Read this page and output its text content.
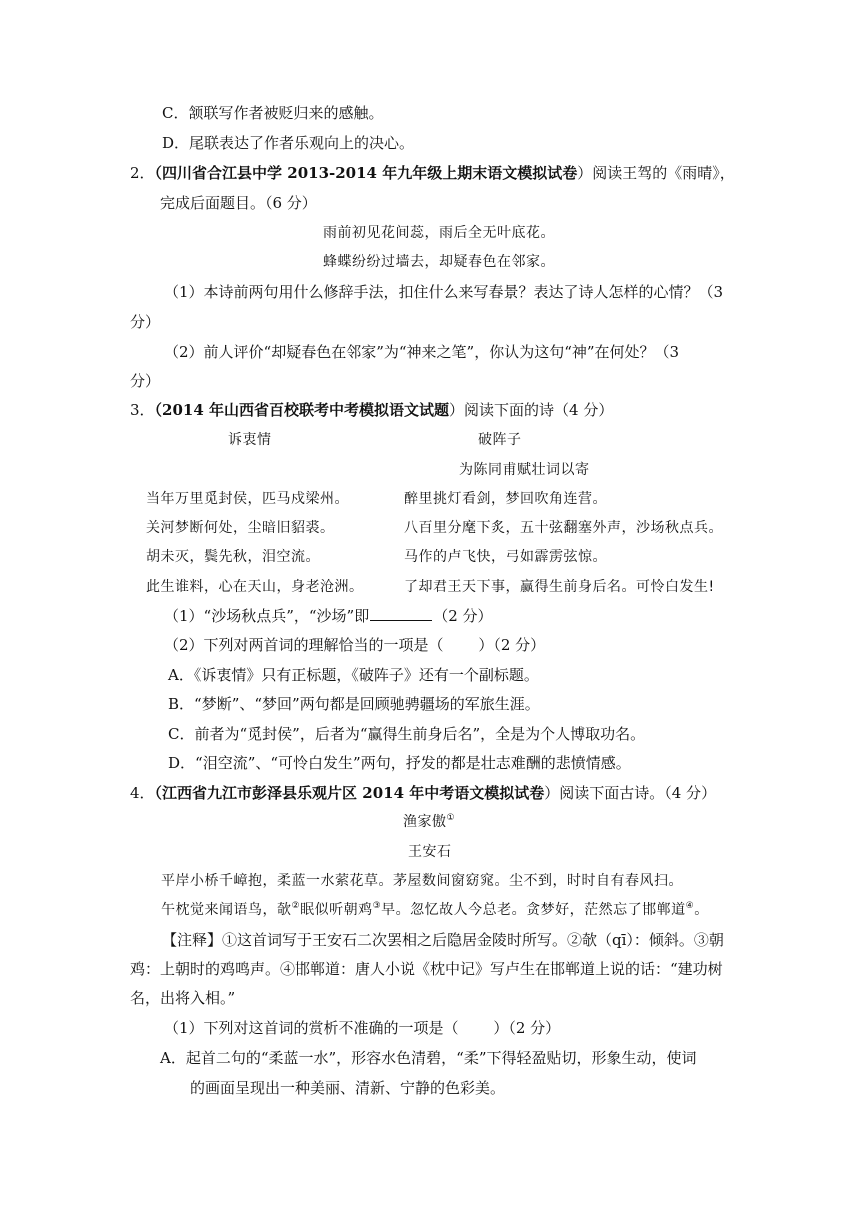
C．颔联写作者被贬归来的感触。
D．尾联表达了作者乐观向上的决心。
2．（四川省合江县中学 2013-2014 年九年级上期末语文模拟试卷）阅读王驾的《雨晴》，
完成后面题目。（6 分）
雨前初见花间蕊，雨后全无叶底花。
蜂蝶纷纷过墙去，却疑春色在邻家。
（1）本诗前两句用什么修辞手法，扣住什么来写春景？表达了诗人怎样的心情？（3
分）
（2）前人评价“却疑春色在邻家”为“神来之笔”，你认为这句“神”在何处？（3
分）
3．（2014 年山西省百校联考中考模拟语文试题）阅读下面的诗（4 分）
诉衷情	破阵子
为陈同甫赋壮词以寄
当年万里觅封侯，匹马戍梁州。
关河梦断何处，尘暗旧貂裘。
胡未灭，鬓先秋，泪空流。
此生谁料，心在天山，身老沧洲。
醉里挑灯看剑，梦回吹角连营。
八百里分麾下炙，五十弦翻塞外声，沙场秋点兵。
马作的卢飞快，弓如霹雳弦惊。
了却君王天下事，赢得生前身后名。可怜白发生!
（1）“沙场秋点兵”，“沙场”即	（2 分）
（2）下列对两首词的理解恰当的一项是（　　 ）（2 分）
A．《诉衷情》只有正标题，《破阵子》还有一个副标题。
B．“梦断”、“梦回”两句都是回顾驰骋疆场的军旅生涯。
C．前者为“觅封侯”，后者为“赢得生前身后名”，全是为个人博取功名。
D．“泪空流”、“可怜白发生”两句，抒发的都是壮志难酬的悲愤情感。
4．（江西省九江市彭泽县乐观片区 2014 年中考语文模拟试卷）阅读下面古诗。（4 分）
渔家傲①
王安石
平岸小桥千嶂抱，柔蓝一水萦花草。茅屋数间窗窈窕。尘不到，时时自有春风扫。
午枕觉来闻语鸟，欹②眠似听朝鸡③早。忽忆故人今总老。贪梦好，茫然忘了邯郸道④。
【注释】①这首词写于王安石二次罢相之后隐居金陵时所写。②欹（qī）：倾斜。③朝
鸡：上朝时的鸡鸣声。④邯郸道：唐人小说《枕中记》写卢生在邯郸道上说的话：“建功树
名，出将入相。”
（1）下列对这首词的赏析不准确的一项是（　　 ）（2 分）
A．起首二句的“柔蓝一水”，形容水色清碧，“柔”下得轻盈贴切，形象生动，使词
的画面呈现出一种美丽、清新、宁静的色彩美。
